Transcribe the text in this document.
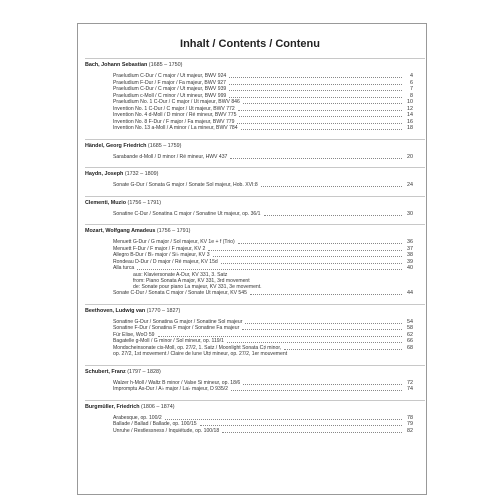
Inhalt / Contents / Contenu
Bach, Johann Sebastian (1685 – 1750)
Praeludium C-Dur / C major / Ut majeur, BWV 924	4
Praeludium F-Dur / F major / Fa majeur, BWV 927	6
Praeludium C-Dur / C major / Ut majeur, BWV 939	7
Praeludium c-Moll / C minor / Ut mineur, BWV 999	8
Praeludium No. 1 C-Dur / C major / Ut majeur, BWV 846	10
Invention No. 1 C-Dur / C major / Ut majeur, BWV 772	12
Invention No. 4 d-Moll / D minor / Ré mineur, BWV 775	14
Invention No. 8 F-Dur / F major / Fa majeur, BWV 779	16
Invention No. 13 a-Moll / A minor / La mineur, BWV 784	18
Händel, Georg Friedrich (1685 – 1759)
Sarabande d-Moll / D minor / Ré mineur, HWV 437	20
Haydn, Joseph (1732 – 1809)
Sonate G-Dur / Sonata G major / Sonate Sol majeur, Hob. XVI:8	24
Clementi, Muzio (1756 – 1791)
Sonatine C-Dur / Sonatina C major / Sonatine Ut majeur, op. 36/1	30
Mozart, Wolfgang Amadeus (1756 – 1791)
Menuett G-Dur / G major / Sol majeur, KV 1e + f (Trio)	36
Menuett F-Dur / F major / F majeur, KV 2	37
Allegro B-Dur / B♭ major / Si♭ majeur, KV 3	38
Rondeau D-Dur / D major / Ré majeur, KV 15d	39
Alla turca	40
aus: Klaviersonate A-Dur, KV 331, 3. Satz
from: Piano Sonata A major, KV 331, 3rd movement
de: Sonate pour piano La majeur, KV 331, 3e movement.
Sonate C-Dur / Sonata C major / Sonate Ut majeur, KV 545	44
Beethoven, Ludwig van (1770 – 1827)
Sonatine G-Dur / Sonatina G major / Sonatine Sol majeur	54
Sonatine F-Dur / Sonatina F major / Sonatine Fa majeur	58
Für Elise, WoO 59	62
Bagatelle g-Moll / G minor / Sol mineur, op. 119/1	66
Mondscheinsonate cis-Moll, op. 27/2, 1. Satz / Moonlight Sonata C♯ minor,	68
op. 27/2, 1st movement / Claire de lune Ut♯ mineur, op. 27/2, 1er mouvement
Schubert, Franz (1797 – 1828)
Walzer h-Moll / Waltz B minor / Valse Si mineur, op. 18/6	72
Impromptu As-Dur / A♭ major / La♭ majeur, D 935/2	74
Burgmüller, Friedrich (1806 – 1874)
Arabesque, op. 100/2	78
Ballade / Ballad / Ballade, op. 100/15	79
Unruhe / Restlessness / Inquiétude, op. 100/18	82
